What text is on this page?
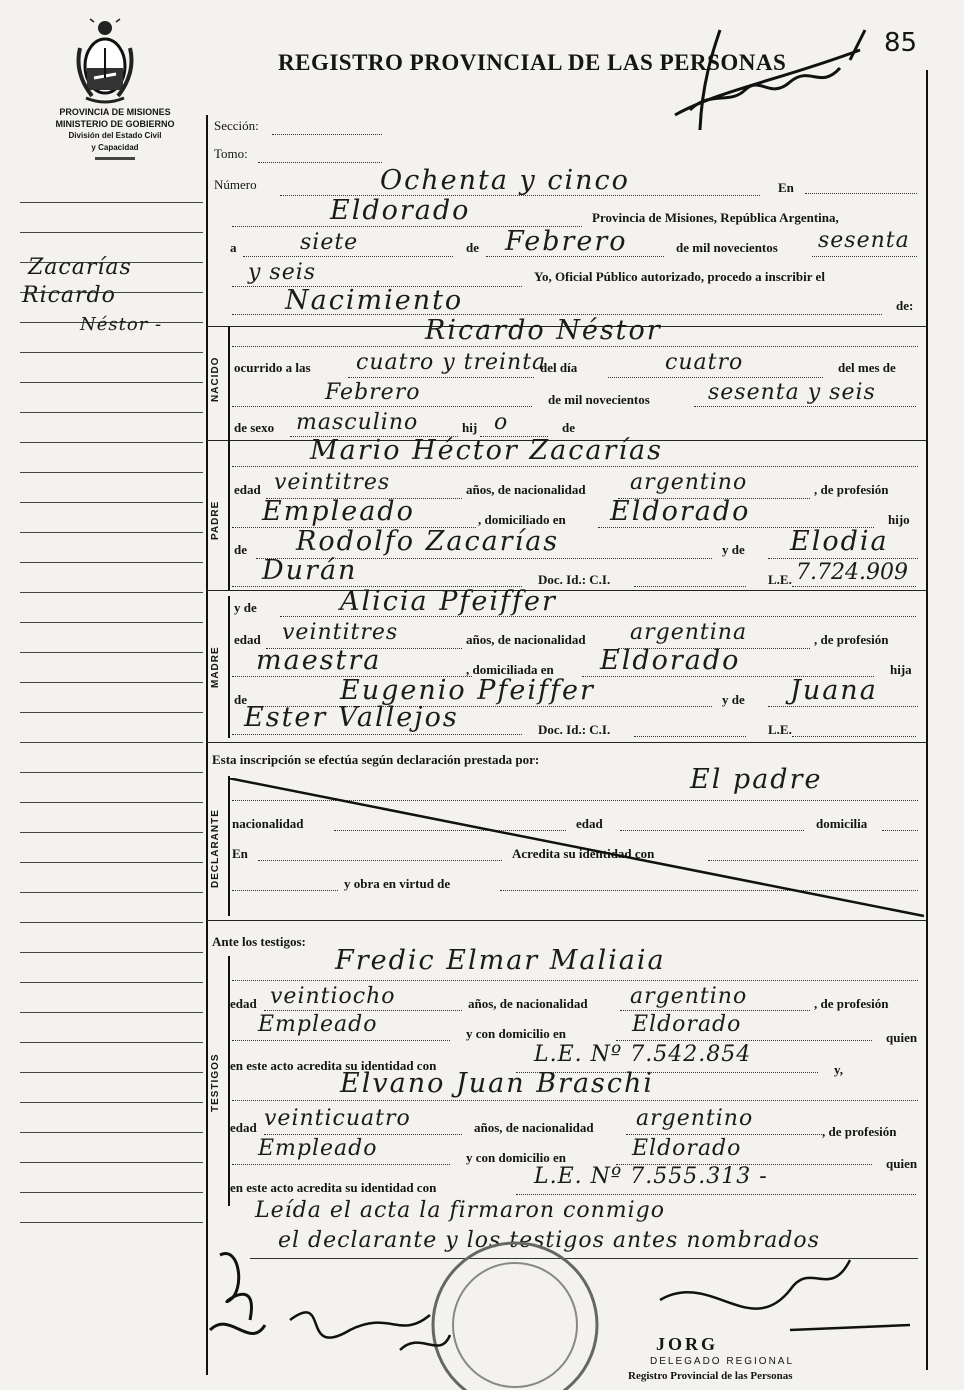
PROVINCIA DE MISIONES
MINISTERIO DE GOBIERNO
División del Estado Civil
y Capacidad
REGISTRO PROVINCIAL DE LAS PERSONAS
85
Zacarías
Ricardo
Néstor -
Sección:
Tomo:
Número	Ochenta y cinco	En
Eldorado	Provincia de Misiones, República Argentina,
a	siete	de Febrero	de mil novecientos sesenta
y seis	Yo, Oficial Público autorizado, procedo a inscribir el
Nacimiento	de:
NACIDO
Ricardo Néstor
ocurrido a las cuatro y treinta
del día	cuatro	del mes de
Febrero	de mil novecientos	sesenta y seis
de sexo masculino	hij o	de
PADRE
Mario Héctor Zacarías
edad veintitres	años, de nacionalidad argentino	, de profesión
Empleado	, domiciliado en Eldorado	hijo
de Rodolfo Zacarías	y de Elodia
Durán	Doc. Id.: C.I.	L.E. 7.724.909
MADRE
y de	Alicia Pfeiffer
edad veintitres	años, de nacionalidad argentina	, de profesión
maestra	, domiciliada en Eldorado	hija
de	Eugenio Pfeiffer	y de Juana
Ester Vallejos	Doc. Id.: C.I.	L.E.
Esta inscripción se efectúa según declaración prestada por:
El padre
DECLARANTE nacionalidad	edad	domicilia
En	Acredita su identidad con
y obra en virtud de
Ante los testigos:
TESTIGOS
Fredic Elmar Maliaia
edad veintiocho	años, de nacionalidad argentino	, de profesión
Empleado	y con domicilio en	Eldorado
quien
en este acto acredita su identidad con	L.E. Nº 7.542.854
y,
Elvano Juan Braschi
edad veinticuatro	años, de nacionalidad argentino
, de profesión
Empleado	y con domicilio en	Eldorado
quien
en este acto acredita su identidad con	L.E. Nº 7.555.313 -
Leída el acta la firmaron conmigo
el declarante y los testigos antes nombrados
JORG
DELEGADO REGIONAL
Registro Provincial de las Personas
